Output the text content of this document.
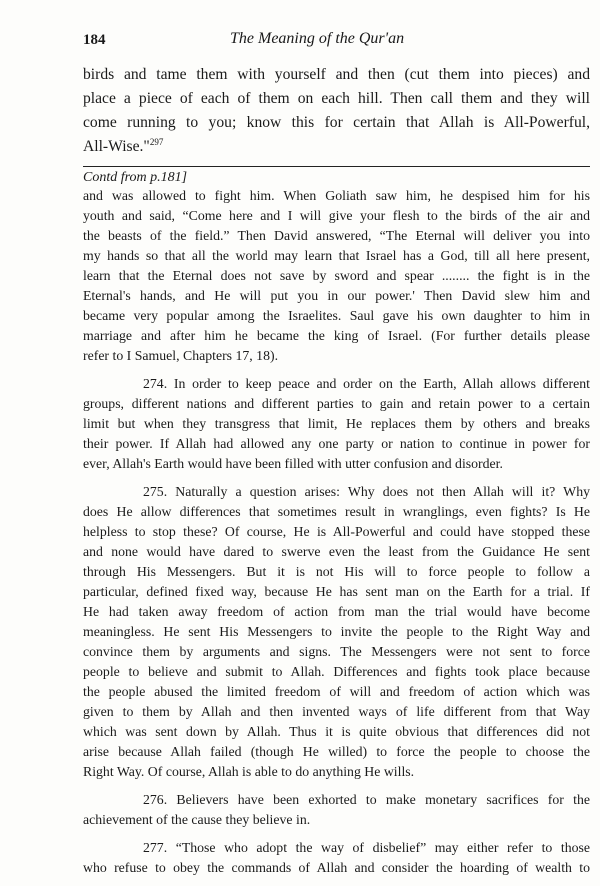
184	The Meaning of the Qur'an
birds and tame them with yourself and then (cut them into pieces) and
place a piece of each of them on each hill. Then call them and they will
come running to you; know this for certain that Allah is All-Powerful,
All-Wise."$^{297}$
Contd from p.181]
and was allowed to fight him. When Goliath saw him, he despised him for his
youth and said, “Come here and I will give your flesh to the birds of the air and
the beasts of the field.” Then David answered, “The Eternal will deliver you into
my hands so that all the world may learn that Israel has a God, till all here present,
learn that the Eternal does not save by sword and spear ........ the fight is in the
Eternal's hands, and He will put you in our power.' Then David slew him and
became very popular among the Israelites. Saul gave his own daughter to him in
marriage and after him he became the king of Israel. (For further details please
refer to I Samuel, Chapters 17, 18).
274. In order to keep peace and order on the Earth, Allah allows different
groups, different nations and different parties to gain and retain power to a certain
limit but when they transgress that limit, He replaces them by others and breaks
their power. If Allah had allowed any one party or nation to continue in power for
ever, Allah's Earth would have been filled with utter confusion and disorder.
275. Naturally a question arises: Why does not then Allah will it? Why
does He allow differences that sometimes result in wranglings, even fights? Is He
helpless to stop these? Of course, He is All-Powerful and could have stopped these
and none would have dared to swerve even the least from the Guidance He sent
through His Messengers. But it is not His will to force people to follow a
particular, defined fixed way, because He has sent man on the Earth for a trial. If
He had taken away freedom of action from man the trial would have become
meaningless. He sent His Messengers to invite the people to the Right Way and
convince them by arguments and signs. The Messengers were not sent to force
people to believe and submit to Allah. Differences and fights took place because
the people abused the limited freedom of will and freedom of action which was
given to them by Allah and then invented ways of life different from that Way
which was sent down by Allah. Thus it is quite obvious that differences did not
arise because Allah failed (though He willed) to force the people to choose the
Right Way. Of course, Allah is able to do anything He wills.
276. Believers have been exhorted to make monetary sacrifices for the
achievement of the cause they believe in.
277. “Those who adopt the way of disbelief” may either refer to those
who refuse to obey the commands of Allah and consider the hoarding of wealth to
